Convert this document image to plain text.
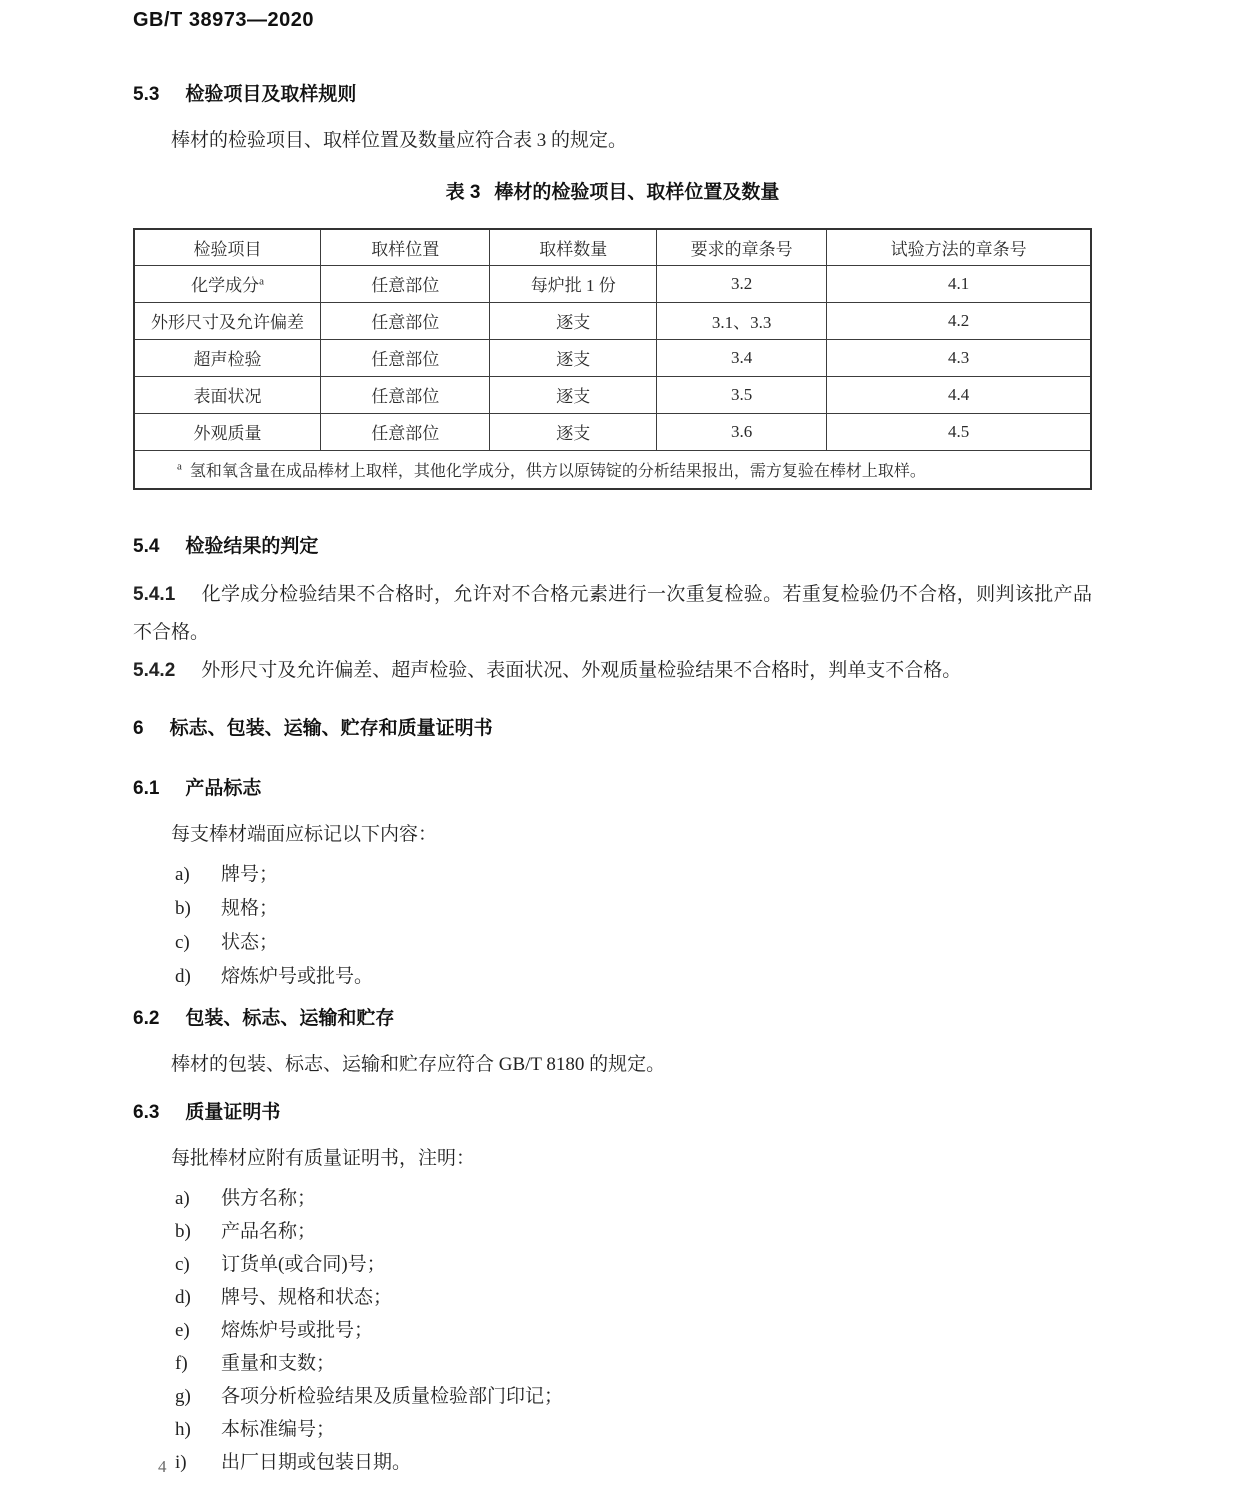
GB/T 38973—2020
5.3 检验项目及取样规则

棒材的检验项目、取样位置及数量应符合表 3 的规定。

表 3 棒材的检验项目、取样位置及数量
检验项目	取样位置	取样数量	要求的章条号	试验方法的章条号
化学成分$^a$	任意部位	每炉批 1 份	3.2	4.1
外形尺寸及允许偏差	任意部位	逐支	3.1、3.3	4.2
超声检验	任意部位	逐支	3.4	4.3
表面状况	任意部位	逐支	3.5	4.4
外观质量	任意部位	逐支	3.6	4.5
$^a$ 氢和氧含量在成品棒材上取样，其他化学成分，供方以原铸锭的分析结果报出，需方复验在棒材上取样。				
5.4 检验结果的判定

5.4.1 化学成分检验结果不合格时，允许对不合格元素进行一次重复检验。若重复检验仍不合格，则判该批产品不合格。

5.4.2 外形尺寸及允许偏差、超声检验、表面状况、外观质量检验结果不合格时，判单支不合格。

6 标志、包装、运输、贮存和质量证明书
6.1 产品标志

每支棒材端面应标记以下内容：

a)	牌号；
b)	规格；
c)	状态；
d)	熔炼炉号或批号。
6.2 包装、标志、运输和贮存

棒材的包装、标志、运输和贮存应符合 GB/T 8180 的规定。

6.3 质量证明书

每批棒材应附有质量证明书，注明：

a)	供方名称；
b)	产品名称；
c)	订货单(或合同)号；
d)	牌号、规格和状态；
e)	熔炼炉号或批号；
f)	重量和支数；
g)	各项分析检验结果及质量检验部门印记；
h)	本标准编号；
i)	出厂日期或包装日期。
4
